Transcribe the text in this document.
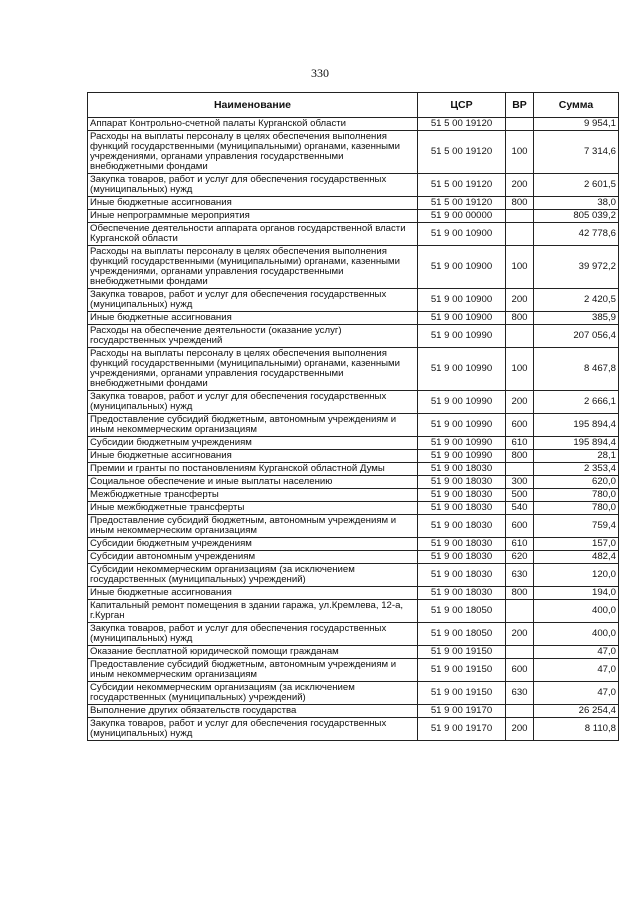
330
Наименование	ЦСР	ВР	Сумма
Аппарат Контрольно-счетной палаты Курганской области	51 5 00 19120		9 954,1
Расходы на выплаты персоналу в целях обеспечения выполнения функций государственными (муниципальными) органами, казенными учреждениями, органами управления государственными внебюджетными фондами	51 5 00 19120	100	7 314,6
Закупка товаров, работ и услуг для обеспечения государственных (муниципальных) нужд	51 5 00 19120	200	2 601,5
Иные бюджетные ассигнования	51 5 00 19120	800	38,0
Иные непрограммные мероприятия	51 9 00 00000		805 039,2
Обеспечение деятельности аппарата органов государственной власти Курганской области	51 9 00 10900		42 778,6
Расходы на выплаты персоналу в целях обеспечения выполнения функций государственными (муниципальными) органами, казенными учреждениями, органами управления государственными внебюджетными фондами	51 9 00 10900	100	39 972,2
Закупка товаров, работ и услуг для обеспечения государственных (муниципальных) нужд	51 9 00 10900	200	2 420,5
Иные бюджетные ассигнования	51 9 00 10900	800	385,9
Расходы на обеспечение деятельности (оказание услуг) государственных учреждений	51 9 00 10990		207 056,4
Расходы на выплаты персоналу в целях обеспечения выполнения функций государственными (муниципальными) органами, казенными учреждениями, органами управления государственными внебюджетными фондами	51 9 00 10990	100	8 467,8
Закупка товаров, работ и услуг для обеспечения государственных (муниципальных) нужд	51 9 00 10990	200	2 666,1
Предоставление субсидий бюджетным, автономным учреждениям и иным некоммерческим организациям	51 9 00 10990	600	195 894,4
Субсидии бюджетным учреждениям	51 9 00 10990	610	195 894,4
Иные бюджетные ассигнования	51 9 00 10990	800	28,1
Премии и гранты по постановлениям Курганской областной Думы	51 9 00 18030		2 353,4
Социальное обеспечение и иные выплаты населению	51 9 00 18030	300	620,0
Межбюджетные трансферты	51 9 00 18030	500	780,0
Иные межбюджетные трансферты	51 9 00 18030	540	780,0
Предоставление субсидий бюджетным, автономным учреждениям и иным некоммерческим организациям	51 9 00 18030	600	759,4
Субсидии бюджетным учреждениям	51 9 00 18030	610	157,0
Субсидии автономным учреждениям	51 9 00 18030	620	482,4
Субсидии некоммерческим организациям (за исключением государственных (муниципальных) учреждений)	51 9 00 18030	630	120,0
Иные бюджетные ассигнования	51 9 00 18030	800	194,0
Капитальный ремонт помещения в здании гаража, ул.Кремлева, 12-а, г.Курган	51 9 00 18050		400,0
Закупка товаров, работ и услуг для обеспечения государственных (муниципальных) нужд	51 9 00 18050	200	400,0
Оказание бесплатной юридической помощи гражданам	51 9 00 19150		47,0
Предоставление субсидий бюджетным, автономным учреждениям и иным некоммерческим организациям	51 9 00 19150	600	47,0
Субсидии некоммерческим организациям (за исключением государственных (муниципальных) учреждений)	51 9 00 19150	630	47,0
Выполнение других обязательств государства	51 9 00 19170		26 254,4
Закупка товаров, работ и услуг для обеспечения государственных (муниципальных) нужд	51 9 00 19170	200	8 110,8
